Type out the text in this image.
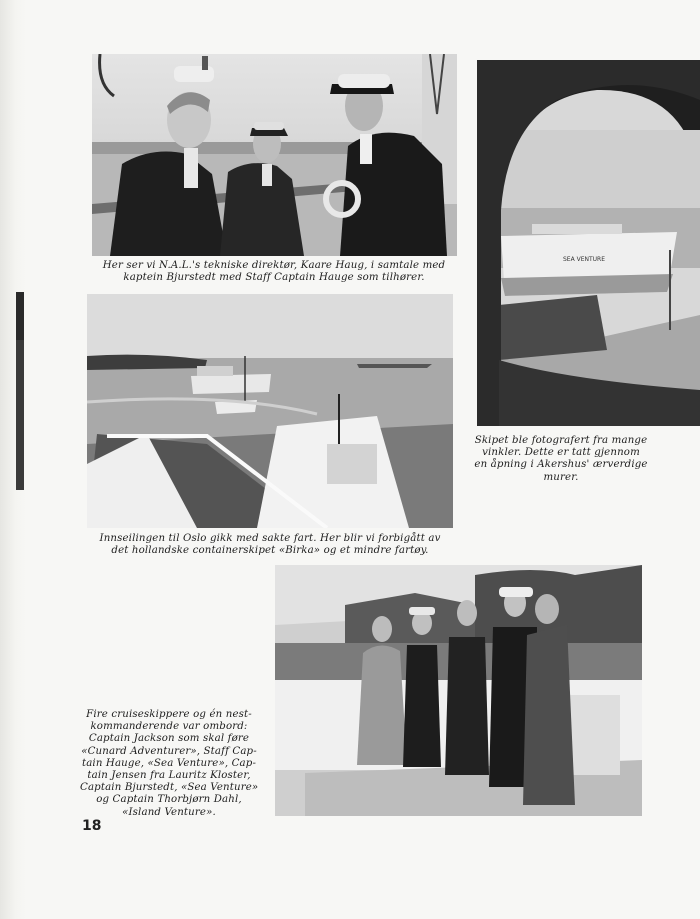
SEA VENTURE
Her ser vi N.A.L.'s tekniske direktør, Kaare Haug, i samtale med
kaptein Bjurstedt med Staff Captain Hauge som tilhører.
Skipet ble fotografert fra mange
vinkler. Dette er tatt gjennom
en åpning i Akershus' ærverdige
murer.
Innseilingen til Oslo gikk med sakte fart. Her blir vi forbigått av
det hollandske containerskipet «Birka» og et mindre fartøy.
Fire cruiseskippere og én nest-
kommanderende var ombord:
Captain Jackson som skal føre
«Cunard Adventurer», Staff Cap-
tain Hauge, «Sea Venture», Cap-
tain Jensen fra Lauritz Kloster,
Captain Bjurstedt, «Sea Venture»
og Captain Thorbjørn Dahl,
«Island Venture».
18
